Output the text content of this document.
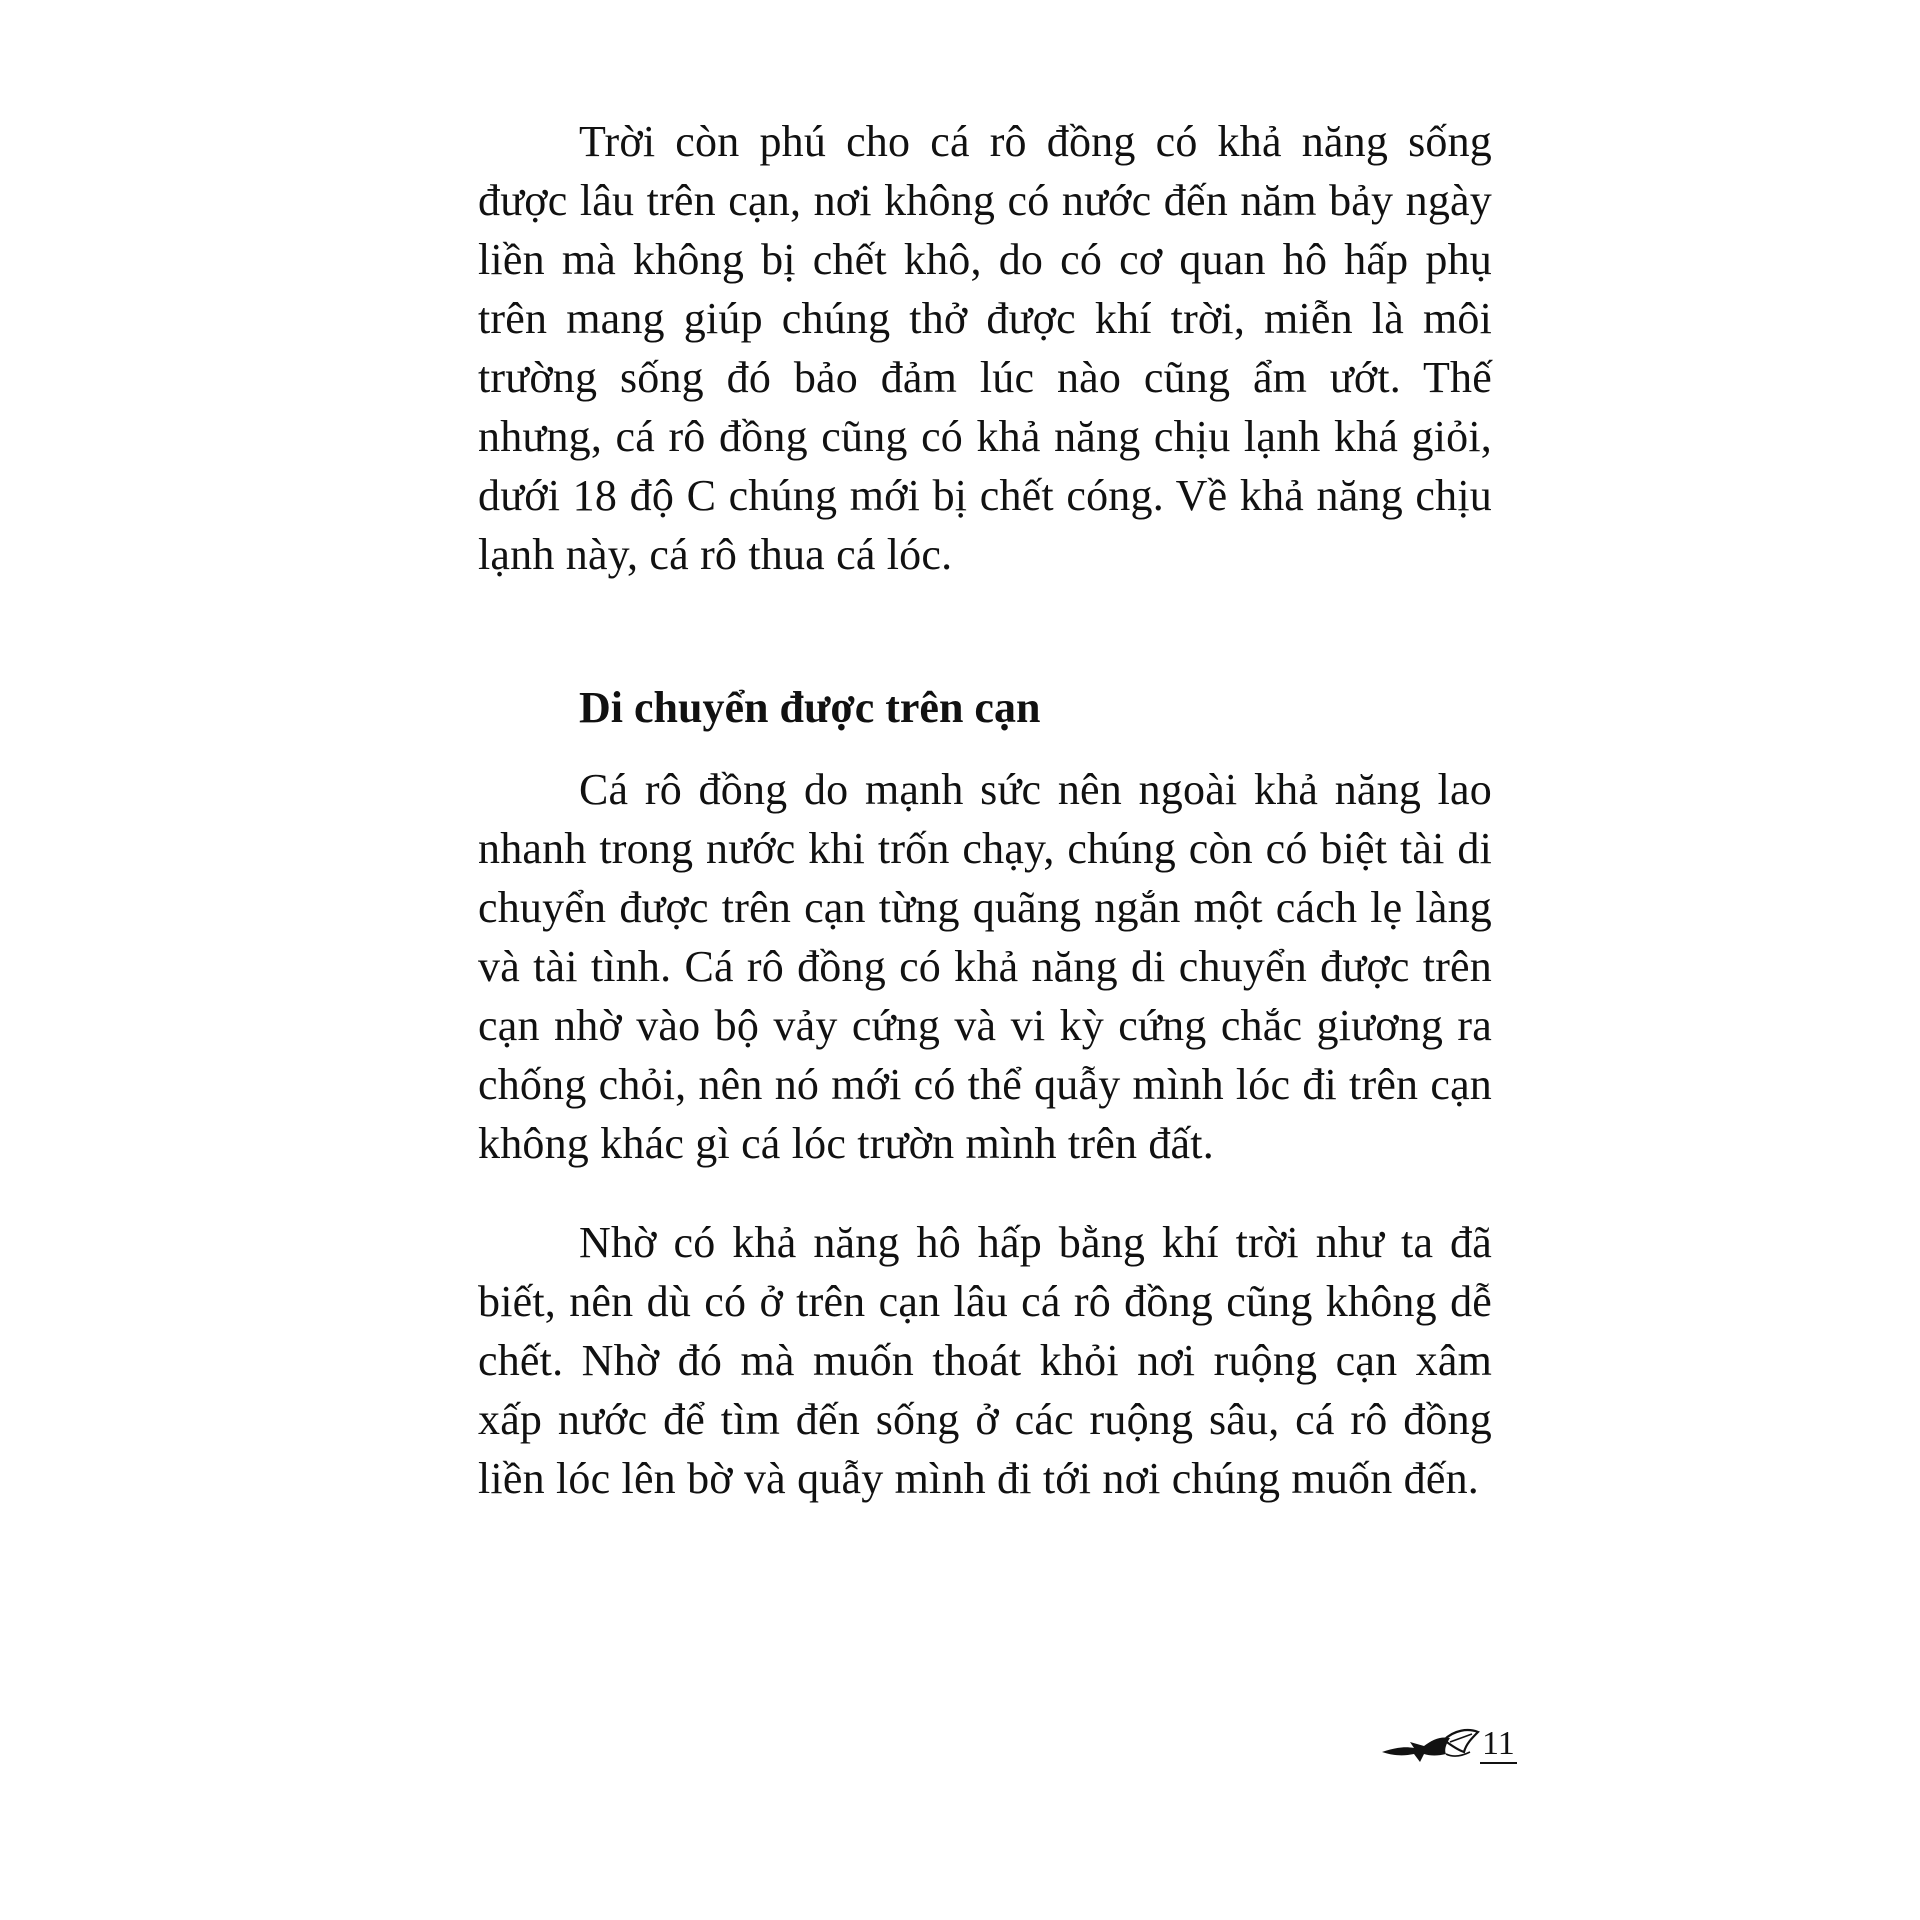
Trời còn phú cho cá rô đồng có khả năng sống được lâu trên cạn, nơi không có nước đến năm bảy ngày liền mà không bị chết khô, do có cơ quan hô hấp phụ trên mang giúp chúng thở được khí trời, miễn là môi trường sống đó bảo đảm lúc nào cũng ẩm ướt. Thế nhưng, cá rô đồng cũng có khả năng chịu lạnh khá giỏi, dưới 18 độ C chúng mới bị chết cóng. Về khả năng chịu lạnh này, cá rô thua cá lóc.

Di chuyển được trên cạn

Cá rô đồng do mạnh sức nên ngoài khả năng lao nhanh trong nước khi trốn chạy, chúng còn có biệt tài di chuyển được trên cạn từng quãng ngắn một cách lẹ làng và tài tình. Cá rô đồng có khả năng di chuyển được trên cạn nhờ vào bộ vảy cứng và vi kỳ cứng chắc giương ra chống chỏi, nên nó mới có thể quẫy mình lóc đi trên cạn không khác gì cá lóc trườn mình trên đất.

Nhờ có khả năng hô hấp bằng khí trời như ta đã biết, nên dù có ở trên cạn lâu cá rô đồng cũng không dễ chết. Nhờ đó mà muốn thoát khỏi nơi ruộng cạn xâm xấp nước để tìm đến sống ở các ruộng sâu, cá rô đồng liền lóc lên bờ và quẫy mình đi tới nơi chúng muốn đến.

11
